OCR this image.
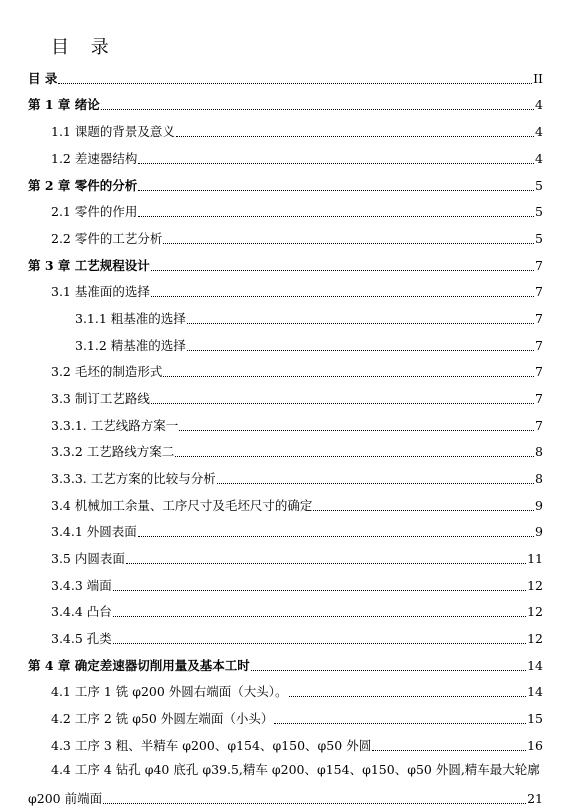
目 录
目 录	II
第 1 章 绪论	4
1.1 课题的背景及意义	4
1.2 差速器结构	4
第 2 章 零件的分析	5
2.1 零件的作用	5
2.2 零件的工艺分析	5
第 3 章 工艺规程设计	7
3.1 基准面的选择	7
3.1.1 粗基准的选择	7
3.1.2 精基准的选择	7
3.2 毛坯的制造形式	7
3.3 制订工艺路线	7
3.3.1. 工艺线路方案一	7
3.3.2 工艺路线方案二	8
3.3.3. 工艺方案的比较与分析	8
3.4 机械加工余量、工序尺寸及毛坯尺寸的确定	9
3.4.1 外圆表面	9
3.5 内圆表面	11
3.4.3 端面	12
3.4.4 凸台	12
3.4.5 孔类	12
第 4 章 确定差速器切削用量及基本工时	14
4.1 工序 1 铣 φ200 外圆右端面（大头）。	14
4.2 工序 2 铣 φ50 外圆左端面（小头）	15
4.3 工序 3 粗、半精车 φ200、φ154、φ150、φ50 外圆	16
4.4 工序 4 钻孔 φ40 底孔 φ39.5,精车 φ200、φ154、φ150、φ50 外圆,精车最大轮廓
φ200 前端面	21
